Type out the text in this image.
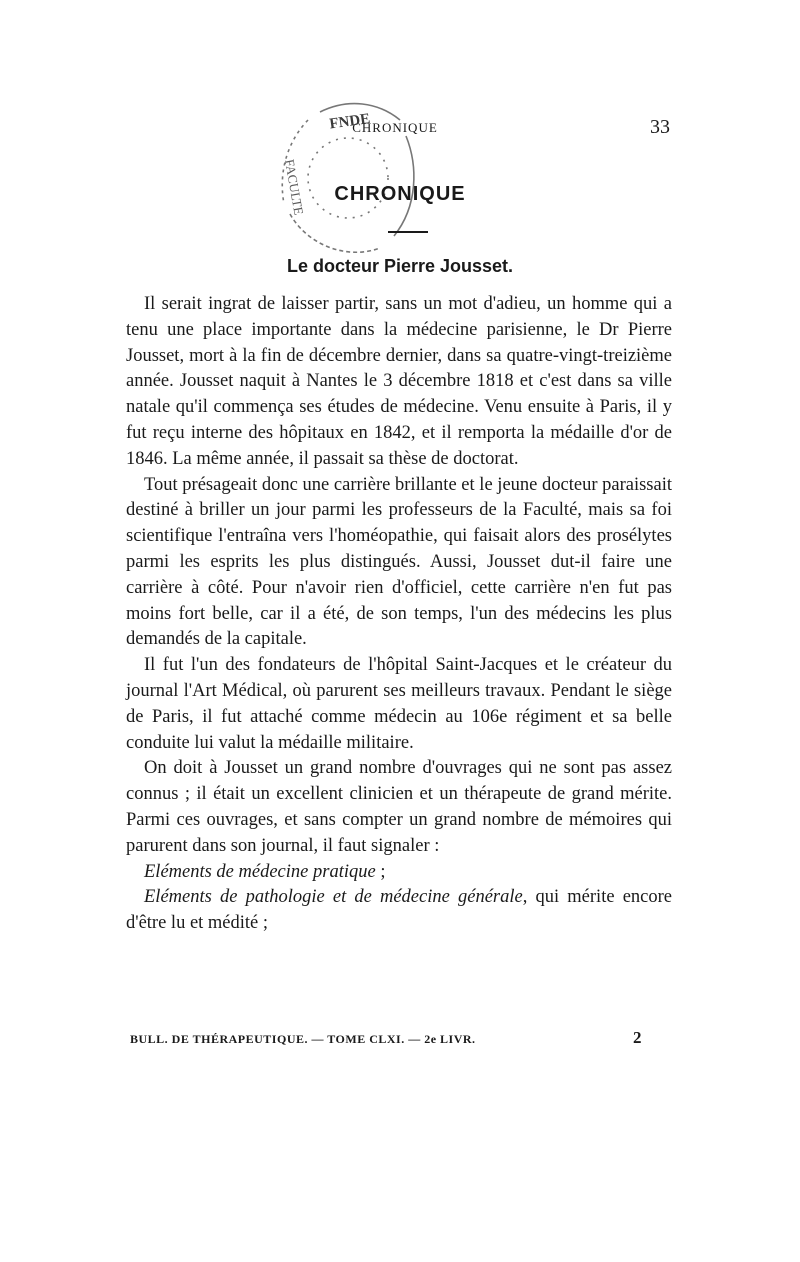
CHRONIQUE	33
FNDE
FACULTE	CHRONIQUE
Le docteur Pierre Jousset.

Il serait ingrat de laisser partir, sans un mot d'adieu, un homme qui a tenu une place importante dans la médecine parisienne, le Dr Pierre Jousset, mort à la fin de décembre dernier, dans sa quatre-vingt-treizième année. Jousset naquit à Nantes le 3 décembre 1818 et c'est dans sa ville natale qu'il commença ses études de médecine. Venu ensuite à Paris, il y fut reçu interne des hôpitaux en 1842, et il remporta la médaille d'or de 1846. La même année, il passait sa thèse de doctorat.

Tout présageait donc une carrière brillante et le jeune docteur paraissait destiné à briller un jour parmi les professeurs de la Faculté, mais sa foi scientifique l'entraîna vers l'homéopathie, qui faisait alors des prosélytes parmi les esprits les plus distingués. Aussi, Jousset dut-il faire une carrière à côté. Pour n'avoir rien d'officiel, cette carrière n'en fut pas moins fort belle, car il a été, de son temps, l'un des médecins les plus demandés de la capitale.

Il fut l'un des fondateurs de l'hôpital Saint-Jacques et le créateur du journal l'Art Médical, où parurent ses meilleurs travaux. Pendant le siège de Paris, il fut attaché comme médecin au 106e régiment et sa belle conduite lui valut la médaille militaire.

On doit à Jousset un grand nombre d'ouvrages qui ne sont pas assez connus ; il était un excellent clinicien et un thérapeute de grand mérite. Parmi ces ouvrages, et sans compter un grand nombre de mémoires qui parurent dans son journal, il faut signaler :

Eléments de médecine pratique ;

Eléments de pathologie et de médecine générale, qui mérite encore d'être lu et médité ;

BULL. DE THÉRAPEUTIQUE. — TOME CLXI. — 2e LIVR.	2
